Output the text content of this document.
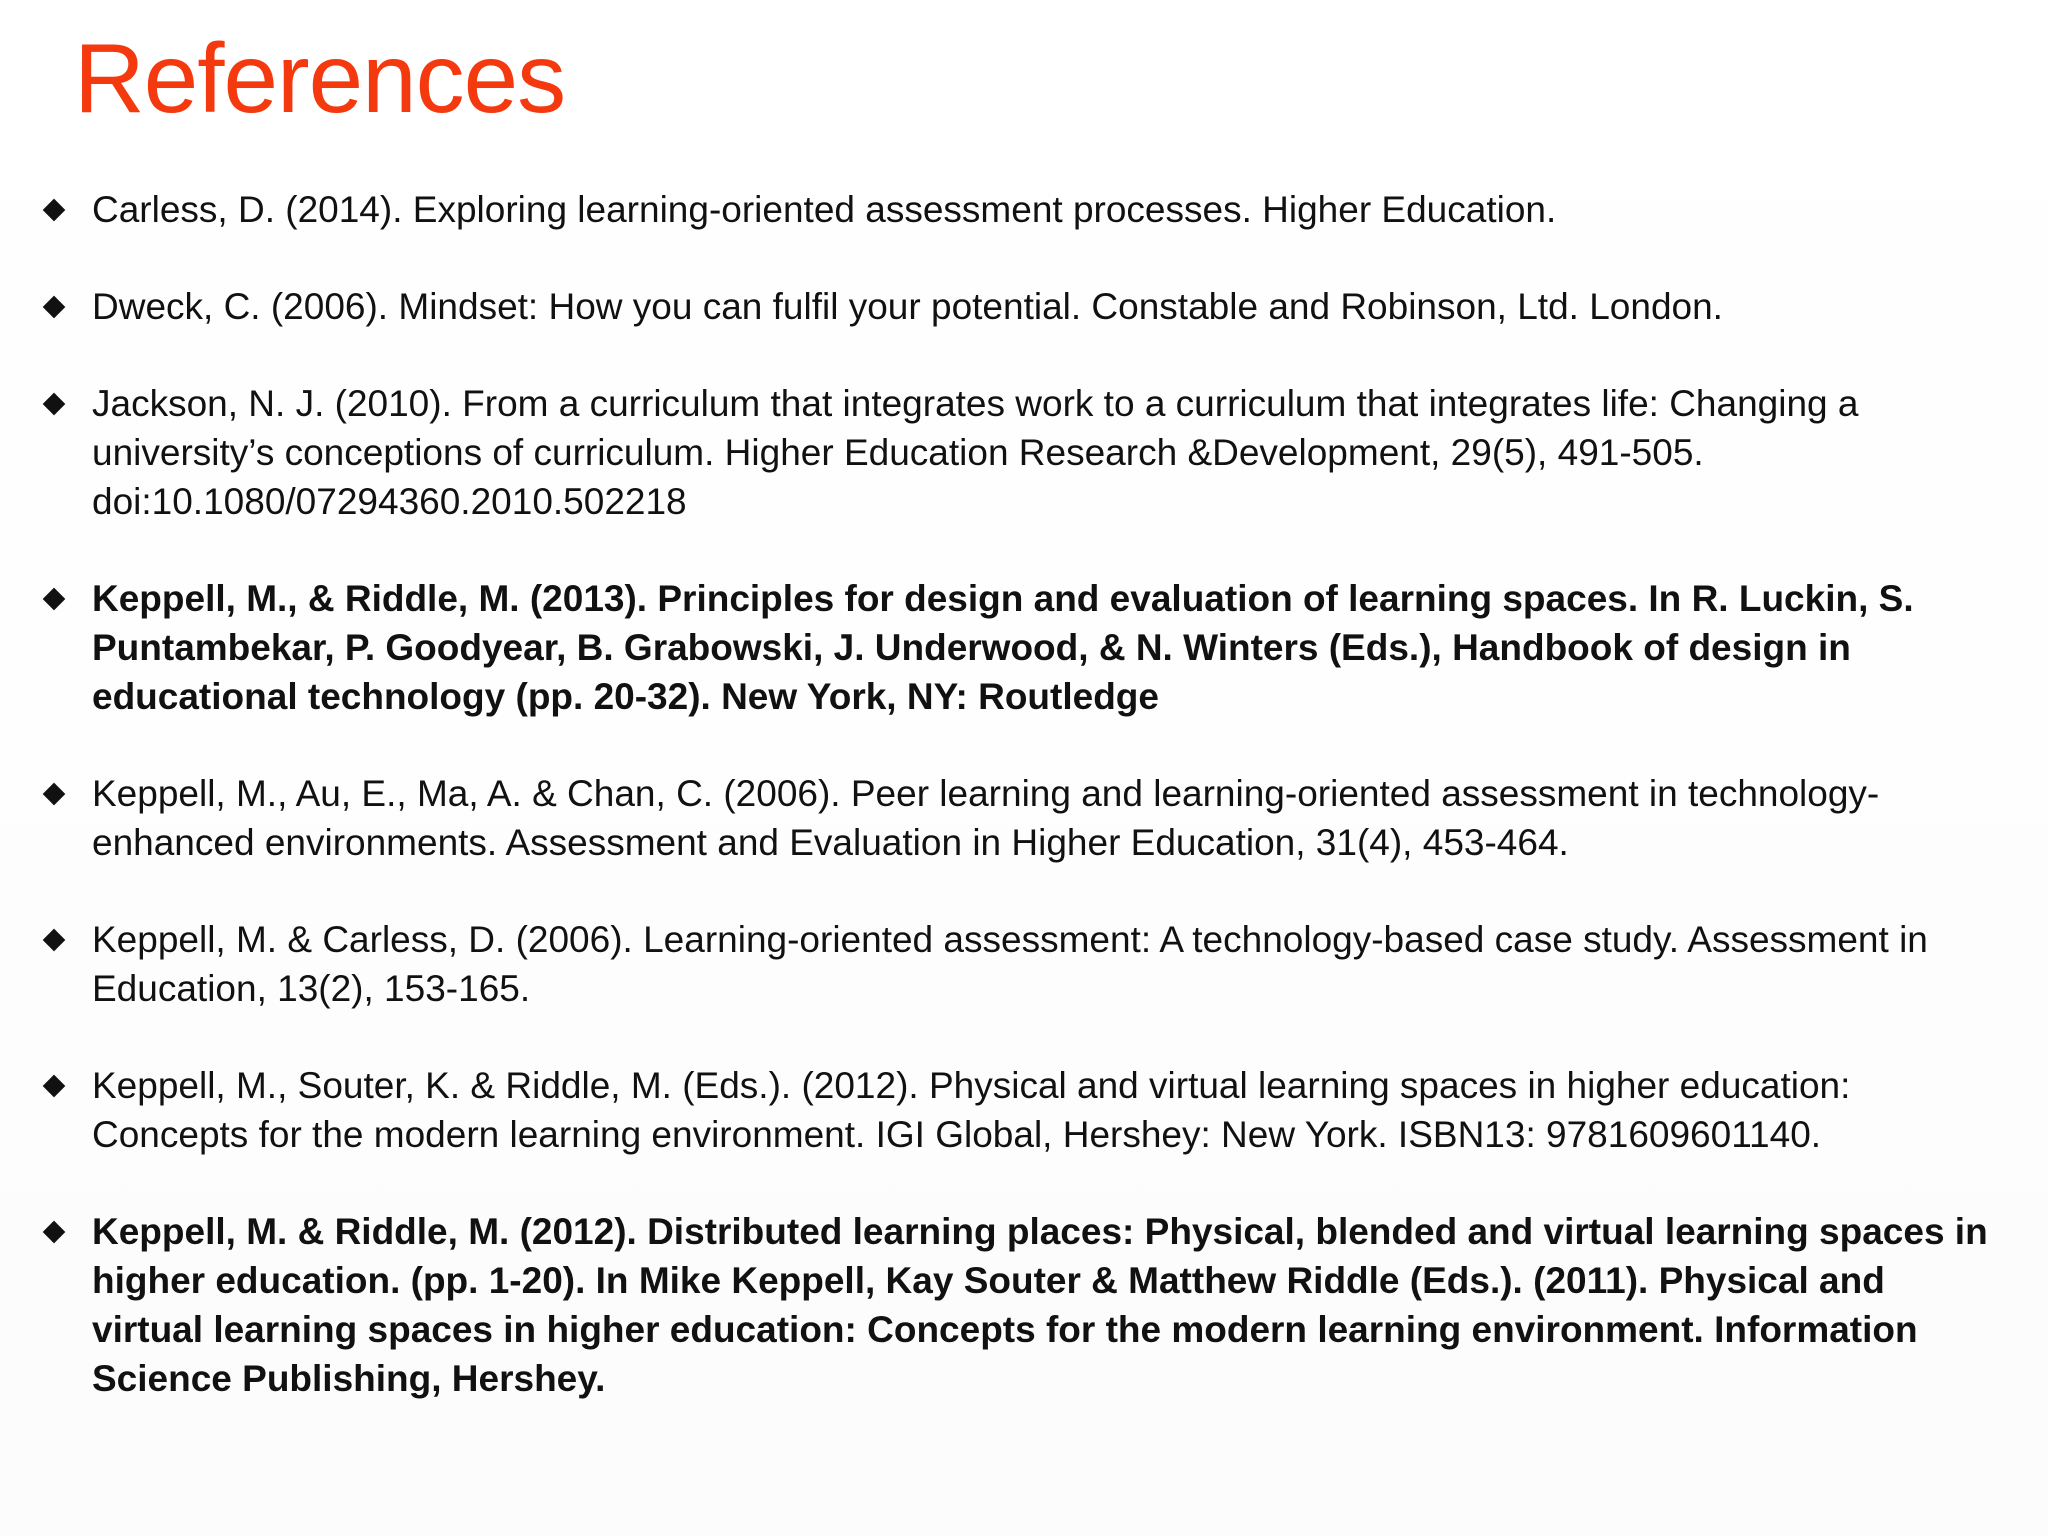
References
Carless, D. (2014). Exploring learning-oriented assessment processes. Higher Education.
Dweck, C. (2006). Mindset: How you can fulfil your potential. Constable and Robinson, Ltd. London.
Jackson, N. J. (2010). From a curriculum that integrates work to a curriculum that integrates life: Changing a university’s conceptions of curriculum. Higher Education Research &Development, 29(5), 491-505. doi:10.1080/07294360.2010.502218
Keppell, M., & Riddle, M. (2013). Principles for design and evaluation of learning spaces. In R. Luckin, S. Puntambekar, P. Goodyear, B. Grabowski, J. Underwood, & N. Winters (Eds.), Handbook of design in educational technology (pp. 20-32). New York, NY: Routledge
Keppell, M., Au, E., Ma, A. & Chan, C. (2006). Peer learning and learning-oriented assessment in technology-enhanced environments. Assessment and Evaluation in Higher Education, 31(4), 453-464.
Keppell, M. & Carless, D. (2006). Learning-oriented assessment: A technology-based case study. Assessment in Education, 13(2), 153-165.
Keppell, M., Souter, K. & Riddle, M. (Eds.). (2012). Physical and virtual learning spaces in higher education: Concepts for the modern learning environment. IGI Global, Hershey: New York. ISBN13: 9781609601140.
Keppell, M. & Riddle, M. (2012). Distributed learning places: Physical, blended and virtual learning spaces in higher education. (pp. 1-20). In Mike Keppell, Kay Souter & Matthew Riddle (Eds.). (2011). Physical and virtual learning spaces in higher education: Concepts for the modern learning environment. Information Science Publishing, Hershey.
